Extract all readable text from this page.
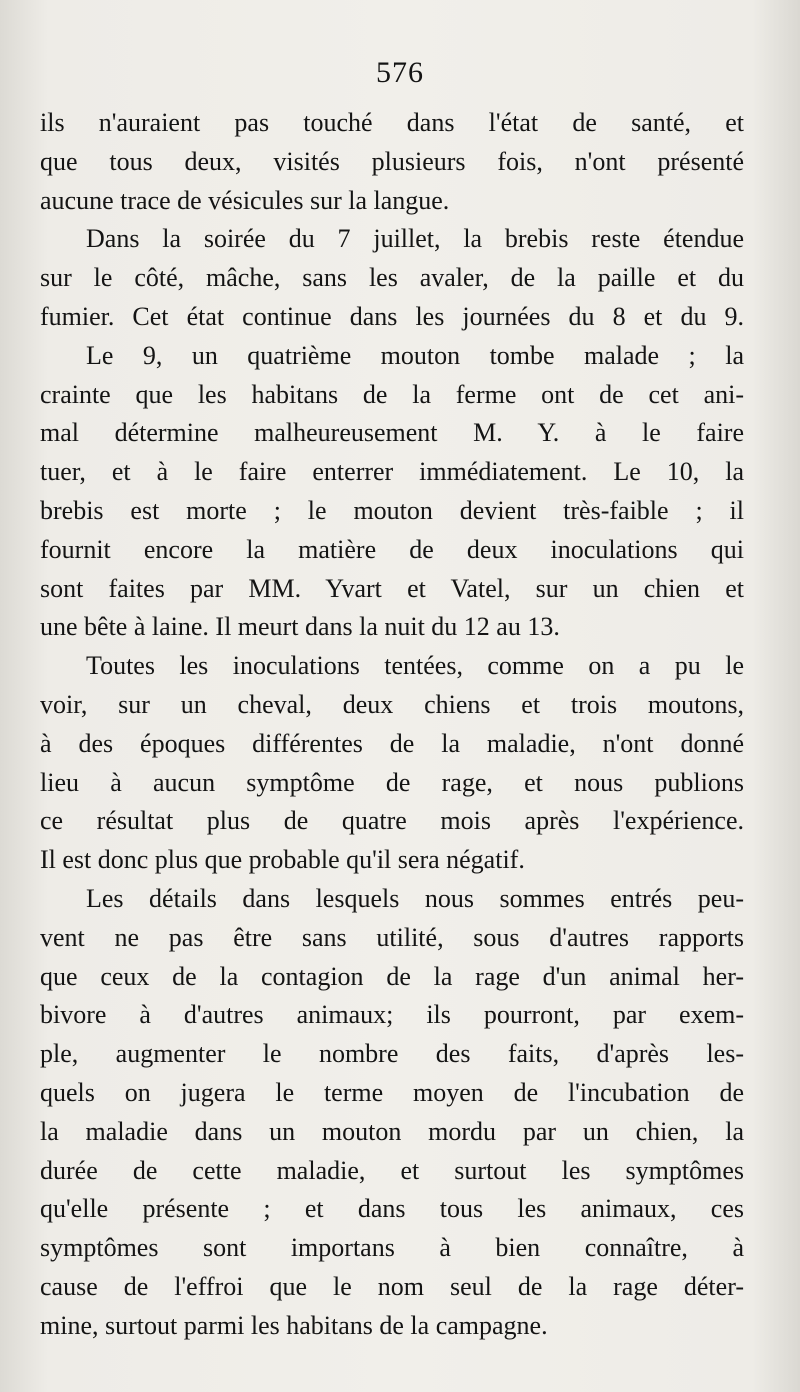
576
ils n'auraient pas touché dans l'état de santé, et
que tous deux, visités plusieurs fois, n'ont présenté
aucune trace de vésicules sur la langue.
Dans la soirée du 7 juillet, la brebis reste étendue
sur le côté, mâche, sans les avaler, de la paille et du
fumier. Cet état continue dans les journées du 8 et du 9.
Le 9, un quatrième mouton tombe malade ; la
crainte que les habitans de la ferme ont de cet ani-
mal détermine malheureusement M. Y. à le faire
tuer, et à le faire enterrer immédiatement. Le 10, la
brebis est morte ; le mouton devient très-faible ; il
fournit encore la matière de deux inoculations qui
sont faites par MM. Yvart et Vatel, sur un chien et
une bête à laine. Il meurt dans la nuit du 12 au 13.
Toutes les inoculations tentées, comme on a pu le
voir, sur un cheval, deux chiens et trois moutons,
à des époques différentes de la maladie, n'ont donné
lieu à aucun symptôme de rage, et nous publions
ce résultat plus de quatre mois après l'expérience.
Il est donc plus que probable qu'il sera négatif.
Les détails dans lesquels nous sommes entrés peu-
vent ne pas être sans utilité, sous d'autres rapports
que ceux de la contagion de la rage d'un animal her-
bivore à d'autres animaux; ils pourront, par exem-
ple, augmenter le nombre des faits, d'après les-
quels on jugera le terme moyen de l'incubation de
la maladie dans un mouton mordu par un chien, la
durée de cette maladie, et surtout les symptômes
qu'elle présente ; et dans tous les animaux, ces
symptômes sont importans à bien connaître, à
cause de l'effroi que le nom seul de la rage déter-
mine, surtout parmi les habitans de la campagne.
